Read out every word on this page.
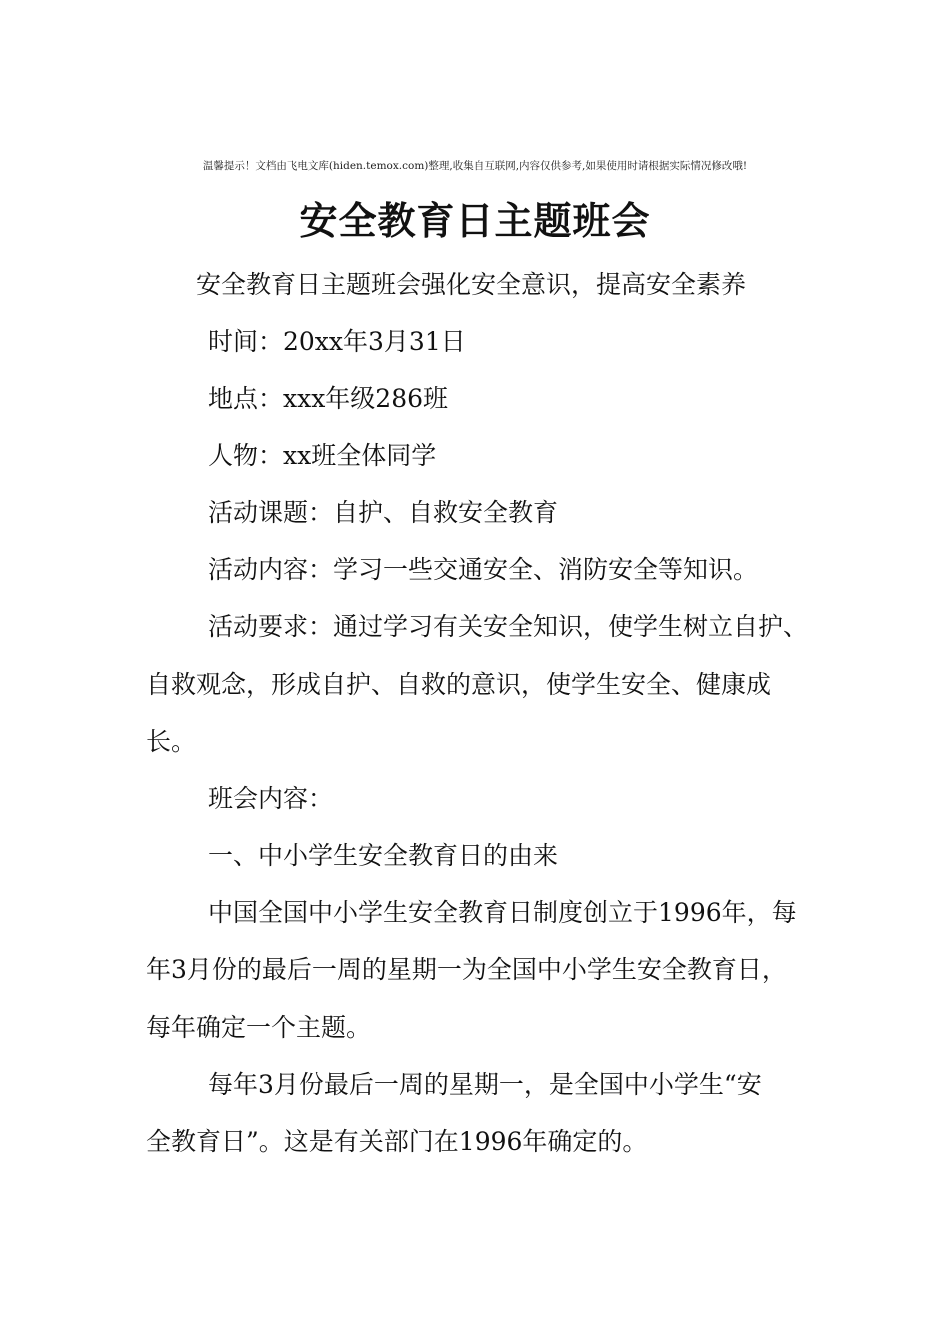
温馨提示！文档由飞电文库(hiden.temox.com)整理,收集自互联网,内容仅供参考,如果使用时请根据实际情况修改哦!
安全教育日主题班会
安全教育日主题班会强化安全意识，提高安全素养
时间：20xx年3月31日
地点：xxx年级286班
人物：xx班全体同学
活动课题：自护、自救安全教育
活动内容：学习一些交通安全、消防安全等知识。
活动要求：通过学习有关安全知识，使学生树立自护、
自救观念，形成自护、自救的意识，使学生安全、健康成
长。
班会内容：
一、中小学生安全教育日的由来
中国全国中小学生安全教育日制度创立于1996年，每
年3月份的最后一周的星期一为全国中小学生安全教育日，
每年确定一个主题。
每年3月份最后一周的星期一，是全国中小学生“安
全教育日”。这是有关部门在1996年确定的。
